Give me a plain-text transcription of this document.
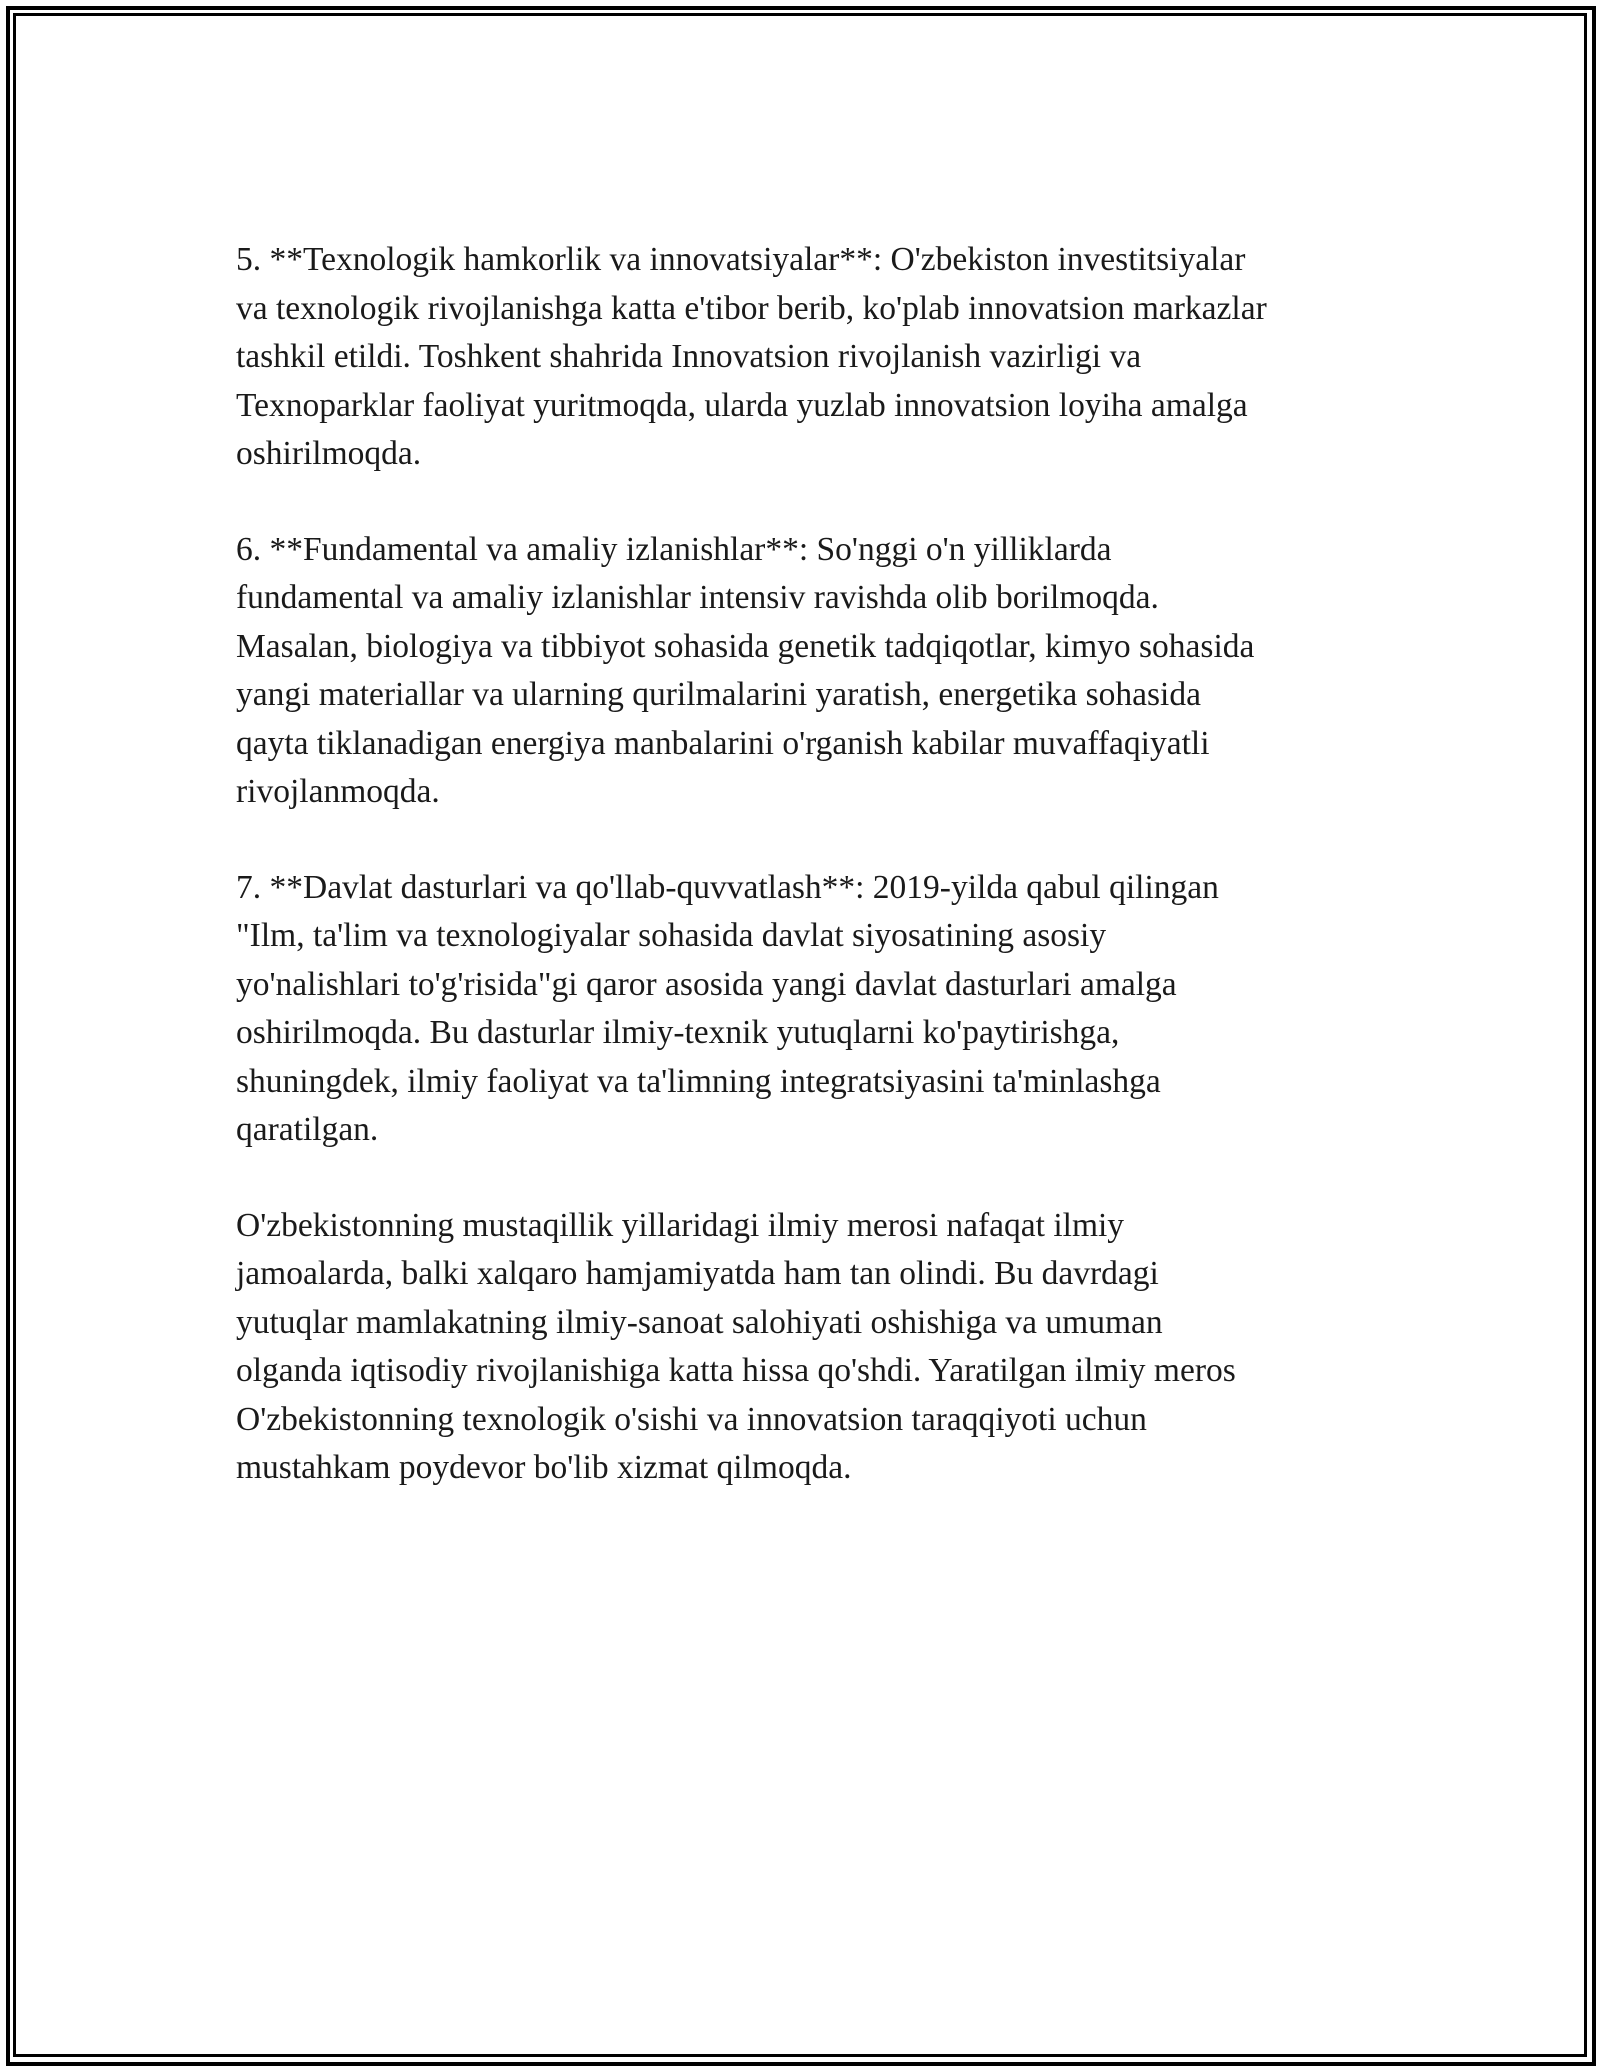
5. **Texnologik hamkorlik va innovatsiyalar**: O'zbekiston investitsiyalar
va texnologik rivojlanishga katta e'tibor berib, ko'plab innovatsion markazlar
tashkil etildi. Toshkent shahrida Innovatsion rivojlanish vazirligi va
Texnoparklar faoliyat yuritmoqda, ularda yuzlab innovatsion loyiha amalga
oshirilmoqda.

6. **Fundamental va amaliy izlanishlar**: So'nggi o'n yilliklarda
fundamental va amaliy izlanishlar intensiv ravishda olib borilmoqda.
Masalan, biologiya va tibbiyot sohasida genetik tadqiqotlar, kimyo sohasida
yangi materiallar va ularning qurilmalarini yaratish, energetika sohasida
qayta tiklanadigan energiya manbalarini o'rganish kabilar muvaffaqiyatli
rivojlanmoqda.

7. **Davlat dasturlari va qo'llab-quvvatlash**: 2019-yilda qabul qilingan
"Ilm, ta'lim va texnologiyalar sohasida davlat siyosatining asosiy
yo'nalishlari to'g'risida"gi qaror asosida yangi davlat dasturlari amalga
oshirilmoqda. Bu dasturlar ilmiy-texnik yutuqlarni ko'paytirishga,
shuningdek, ilmiy faoliyat va ta'limning integratsiyasini ta'minlashga
qaratilgan.

O'zbekistonning mustaqillik yillaridagi ilmiy merosi nafaqat ilmiy
jamoalarda, balki xalqaro hamjamiyatda ham tan olindi. Bu davrdagi
yutuqlar mamlakatning ilmiy-sanoat salohiyati oshishiga va umuman
olganda iqtisodiy rivojlanishiga katta hissa qo'shdi. Yaratilgan ilmiy meros
O'zbekistonning texnologik o'sishi va innovatsion taraqqiyoti uchun
mustahkam poydevor bo'lib xizmat qilmoqda.
